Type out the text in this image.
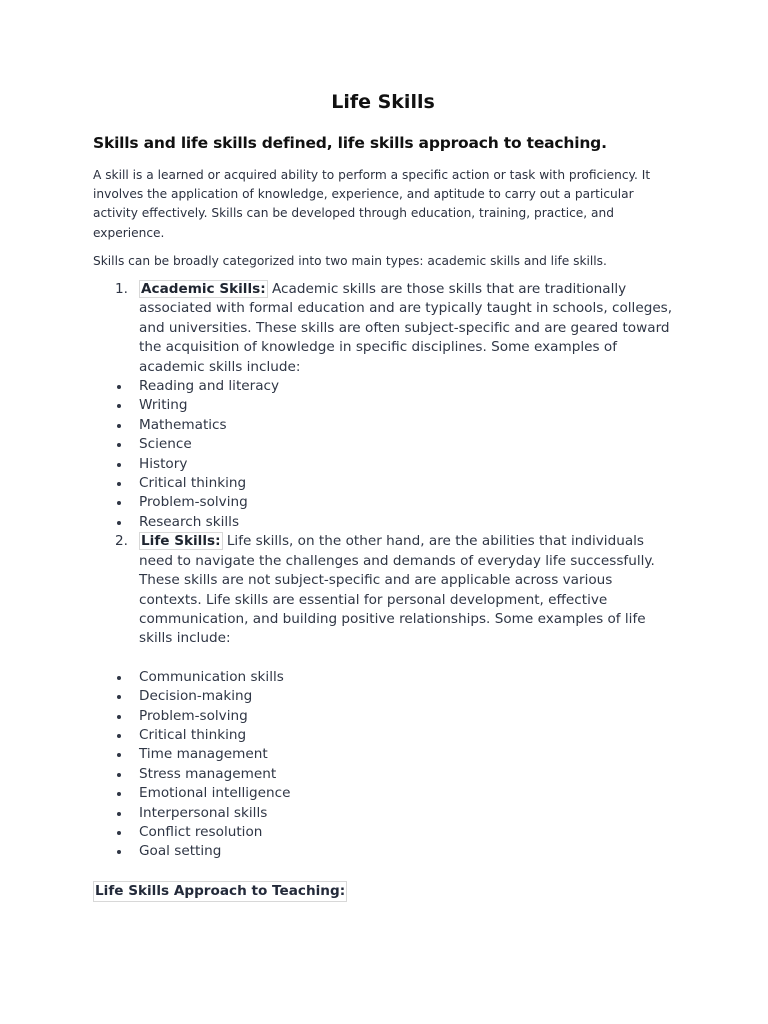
Life Skills
Skills and life skills defined, life skills approach to teaching.

A skill is a learned or acquired ability to perform a specific action or task with proficiency. It involves the application of knowledge, experience, and aptitude to carry out a particular activity effectively. Skills can be developed through education, training, practice, and experience.

Skills can be broadly categorized into two main types: academic skills and life skills.

1. Academic Skills: Academic skills are those skills that are traditionally associated with formal education and are typically taught in schools, colleges, and universities. These skills are often subject-specific and are geared toward the acquisition of knowledge in specific disciplines. Some examples of academic skills include:
Reading and literacy
Writing
Mathematics
Science
History
Critical thinking
Problem-solving
Research skills
2. Life Skills: Life skills, on the other hand, are the abilities that individuals need to navigate the challenges and demands of everyday life successfully. These skills are not subject-specific and are applicable across various contexts. Life skills are essential for personal development, effective communication, and building positive relationships. Some examples of life skills include:
Communication skills
Decision-making
Problem-solving
Critical thinking
Time management
Stress management
Emotional intelligence
Interpersonal skills
Conflict resolution
Goal setting
Life Skills Approach to Teaching:
